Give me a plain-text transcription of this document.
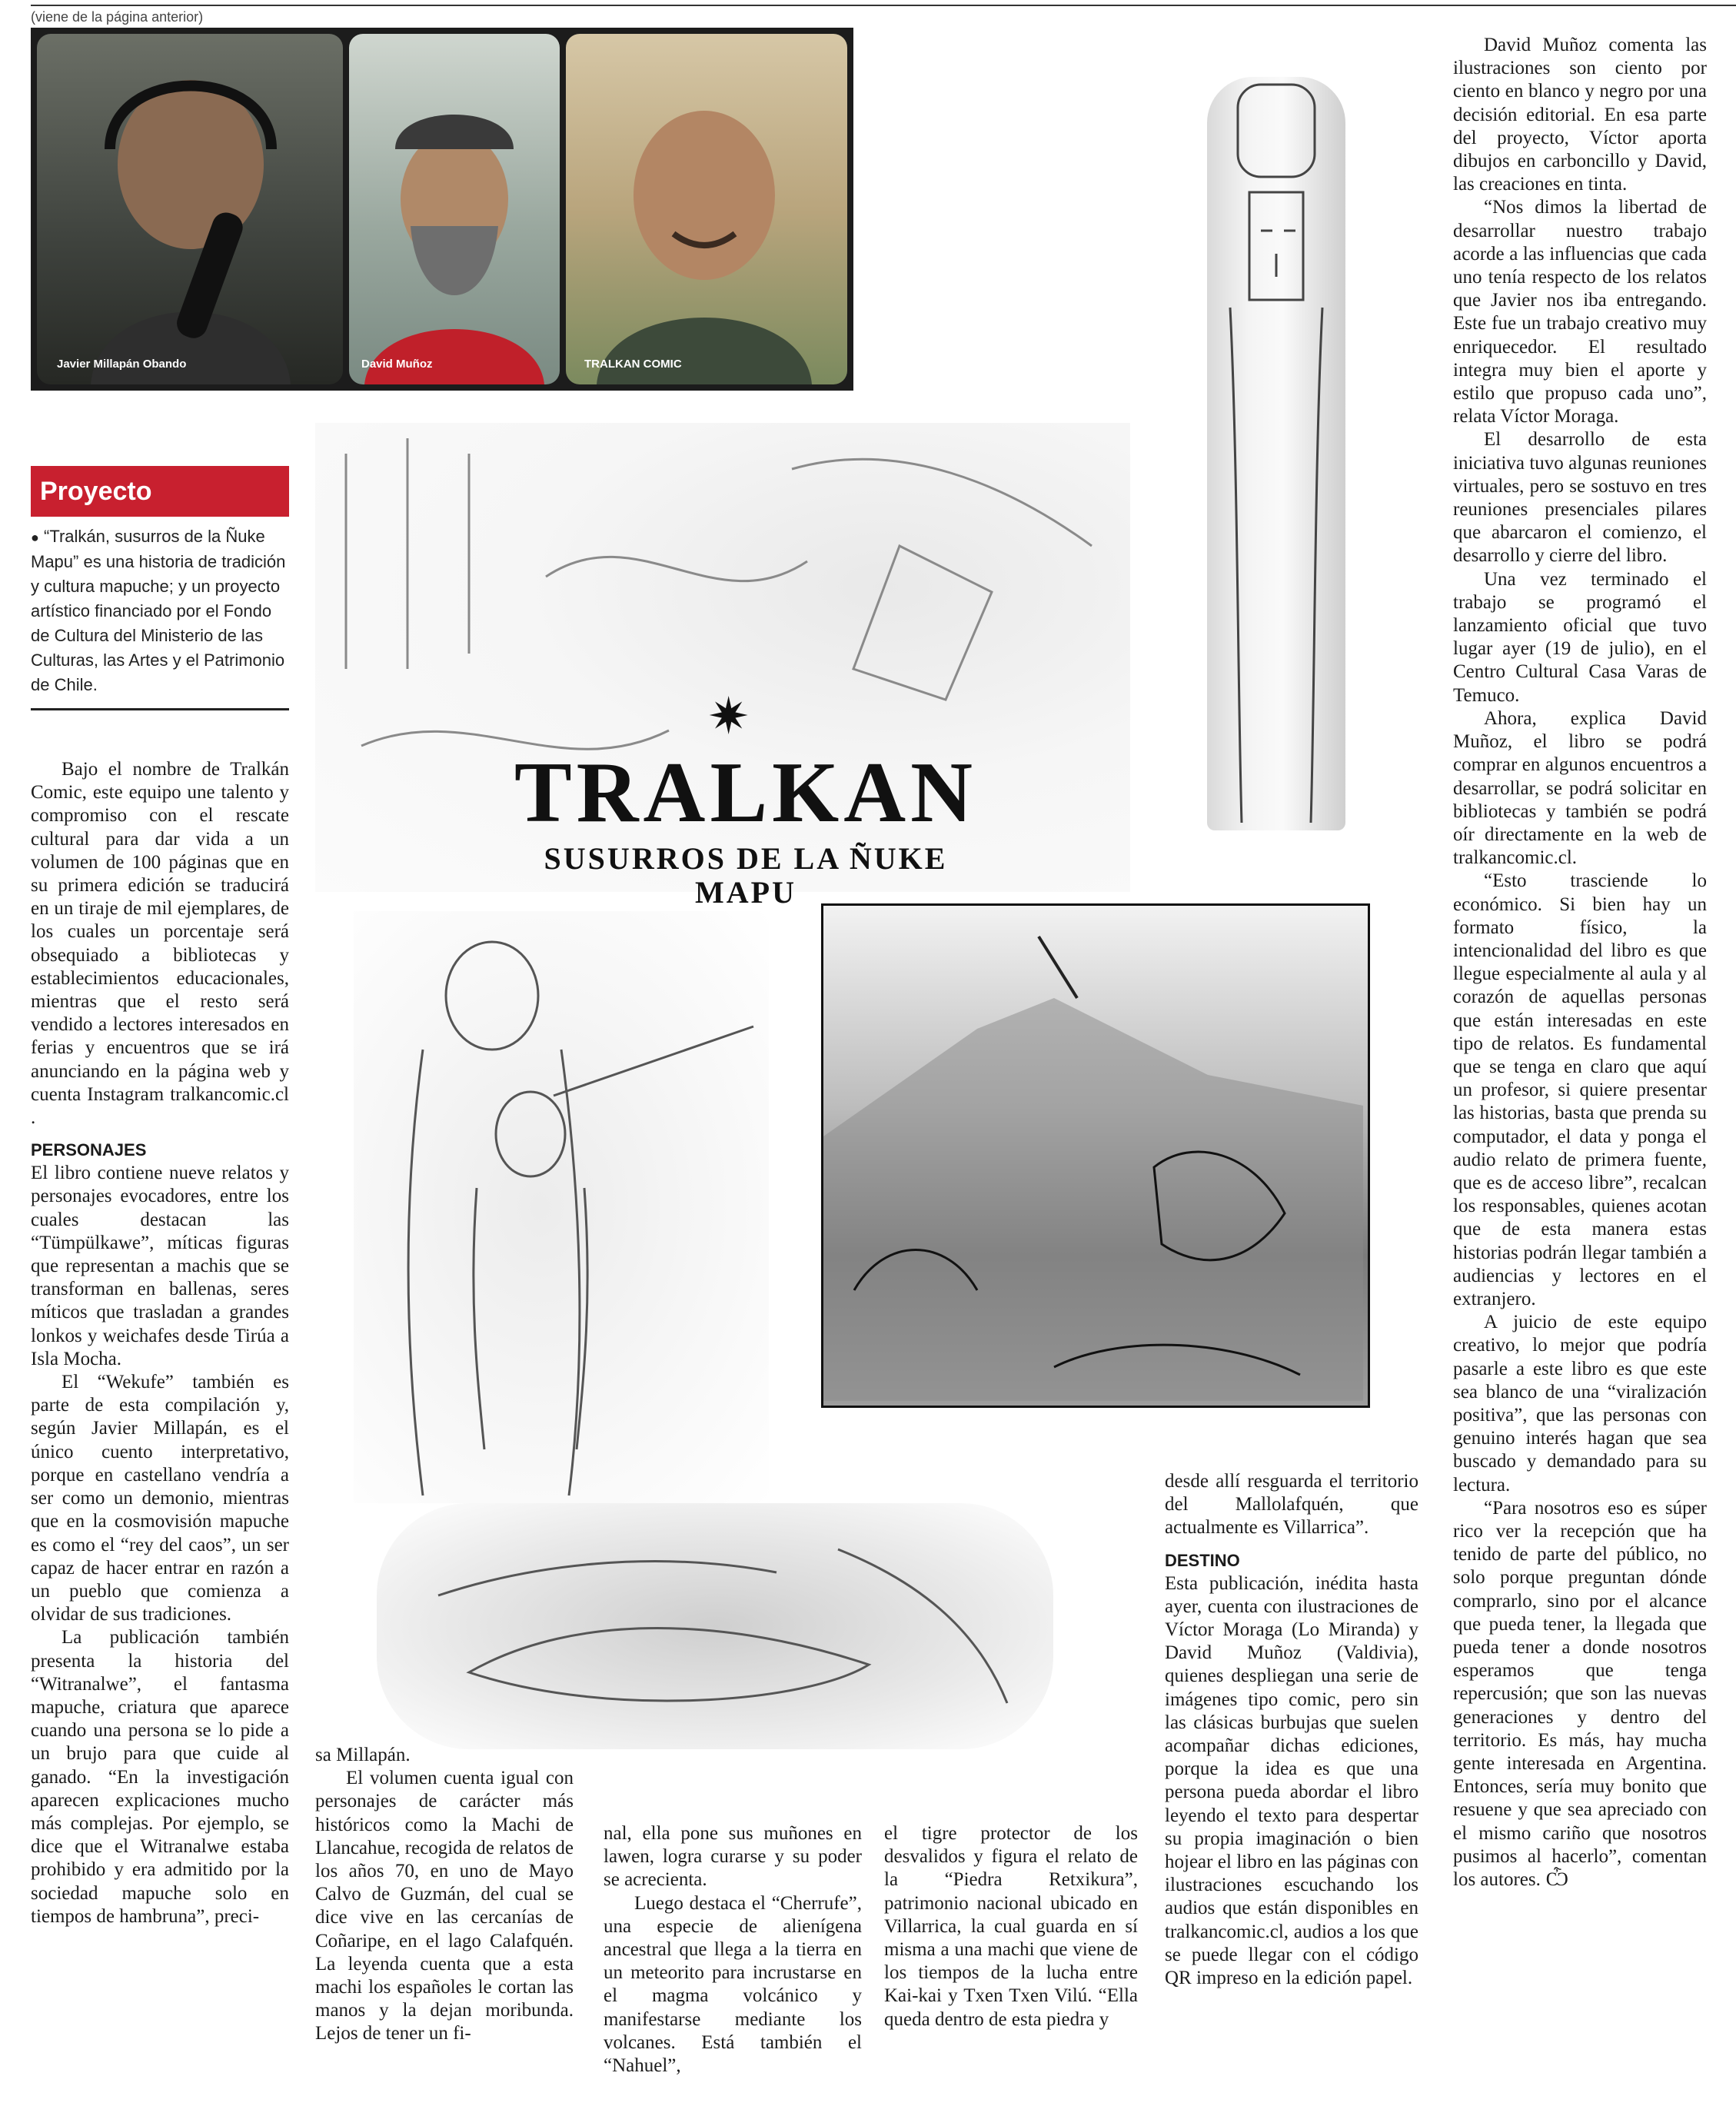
(viene de la página anterior)
Javier Millapán Obando	David Muñoz	TRALKAN COMIC
Proyecto
● “Tralkán, susurros de la Ñuke Mapu” es una historia de tradición y cultura mapuche; y un proyecto artístico financiado por el Fondo de Cultura del Ministerio de las Culturas, las Artes y el Patrimonio de Chile.
✷
TRALKAN
SUSURROS DE LA ÑUKE MAPU

Bajo el nombre de Tralkán Comic, este equipo une talento y compromiso con el rescate cultural para dar vida a un volumen de 100 páginas que en su primera edición se traducirá en un tiraje de mil ejemplares, de los cuales un porcentaje será obsequiado a bibliotecas y establecimientos educacionales, mientras que el resto será vendido a lectores interesados en ferias y encuentros que se irá anunciando en la página web y cuenta Instagram tralkancomic.cl .

PERSONAJES

El libro contiene nueve relatos y personajes evocadores, entre los cuales destacan las “Tümpülkawe”, míticas figuras que representan a machis que se transforman en ballenas, seres míticos que trasladan a grandes lonkos y weichafes desde Tirúa a Isla Mocha.

El “Wekufe” también es parte de esta compilación y, según Javier Millapán, es el único cuento interpretativo, porque en castellano vendría a ser como un demonio, mientras que en la cosmovisión mapuche es como el “rey del caos”, un ser capaz de hacer entrar en razón a un pueblo que comienza a olvidar de sus tradiciones.

La publicación también presenta la historia del “Witranalwe”, el fantasma mapuche, criatura que aparece cuando una persona se lo pide a un brujo para que cuide al ganado. “En la investigación aparecen explicaciones mucho más complejas. Por ejemplo, se dice que el Witranalwe estaba prohibido y era admitido por la sociedad mapuche solo en tiempos de hambruna”, preci-

sa Millapán.

El volumen cuenta igual con personajes de carácter más históricos como la Machi de Llancahue, recogida de relatos de los años 70, en uno de Mayo Calvo de Guzmán, del cual se dice vive en las cercanías de Coñaripe, en el lago Calafquén. La leyenda cuenta que a esta machi los españoles le cortan las manos y la dejan moribunda. Lejos de tener un fi-

nal, ella pone sus muñones en lawen, logra curarse y su poder se acrecienta.

Luego destaca el “Cherrufe”, una especie de alienígena ancestral que llega a la tierra en un meteorito para incrustarse en el magma volcánico y manifestarse mediante los volcanes. Está también el “Nahuel”,

el tigre protector de los desvalidos y figura el relato de la “Piedra Retxikura”, patrimonio nacional ubicado en Villarrica, la cual guarda en sí misma a una machi que viene de los tiempos de la lucha entre Kai-kai y Txen Txen Vilú. “Ella queda dentro de esta piedra y

desde allí resguarda el territorio del Mallolafquén, que actualmente es Villarrica”.

DESTINO

Esta publicación, inédita hasta ayer, cuenta con ilustraciones de Víctor Moraga (Lo Miranda) y David Muñoz (Valdivia), quienes despliegan una serie de imágenes tipo comic, pero sin las clásicas burbujas que suelen acompañar dichas ediciones, porque la idea es que una persona pueda abordar el libro leyendo el texto para despertar su propia imaginación o bien hojear el libro en las páginas con ilustraciones escuchando los audios que están disponibles en tralkancomic.cl, audios a los que se puede llegar con el código QR impreso en la edición papel.

David Muñoz comenta las ilustraciones son ciento por ciento en blanco y negro por una decisión editorial. En esa parte del proyecto, Víctor aporta dibujos en carboncillo y David, las creaciones en tinta.

“Nos dimos la libertad de desarrollar nuestro trabajo acorde a las influencias que cada uno tenía respecto de los relatos que Javier nos iba entregando. Este fue un trabajo creativo muy enriquecedor. El resultado integra muy bien el aporte y estilo que propuso cada uno”, relata Víctor Moraga.

El desarrollo de esta iniciativa tuvo algunas reuniones virtuales, pero se sostuvo en tres reuniones presenciales pilares que abarcaron el comienzo, el desarrollo y cierre del libro.

Una vez terminado el trabajo se programó el lanzamiento oficial que tuvo lugar ayer (19 de julio), en el Centro Cultural Casa Varas de Temuco.

Ahora, explica David Muñoz, el libro se podrá comprar en algunos encuentros a desarrollar, se podrá solicitar en bibliotecas y también se podrá oír directamente en la web de tralkancomic.cl.

“Esto trasciende lo económico. Si bien hay un formato físico, la intencionalidad del libro es que llegue especialmente al aula y al corazón de aquellas personas que están interesadas en este tipo de relatos. Es fundamental que se tenga en claro que aquí un profesor, si quiere presentar las historias, basta que prenda su computador, el data y ponga el audio relato de primera fuente, que es de acceso libre”, recalcan los responsables, quienes acotan que de esta manera estas historias podrán llegar también a audiencias y lectores en el extranjero.

A juicio de este equipo creativo, lo mejor que podría pasarle a este libro es que este sea blanco de una “viralización positiva”, que las personas con genuino interés hagan que sea buscado y demandado para su lectura.

“Para nosotros eso es súper rico ver la recepción que ha tenido de parte del público, no solo porque preguntan dónde comprarlo, sino por el alcance que pueda tener, la llegada que pueda tener a donde nosotros esperamos que tenga repercusión; que son las nuevas generaciones y dentro del territorio. Es más, hay mucha gente interesada en Argentina. Entonces, sería muy bonito que resuene y que sea apreciado con el mismo cariño que nosotros pusimos al hacerlo”, comentan los autores. Ѽ
